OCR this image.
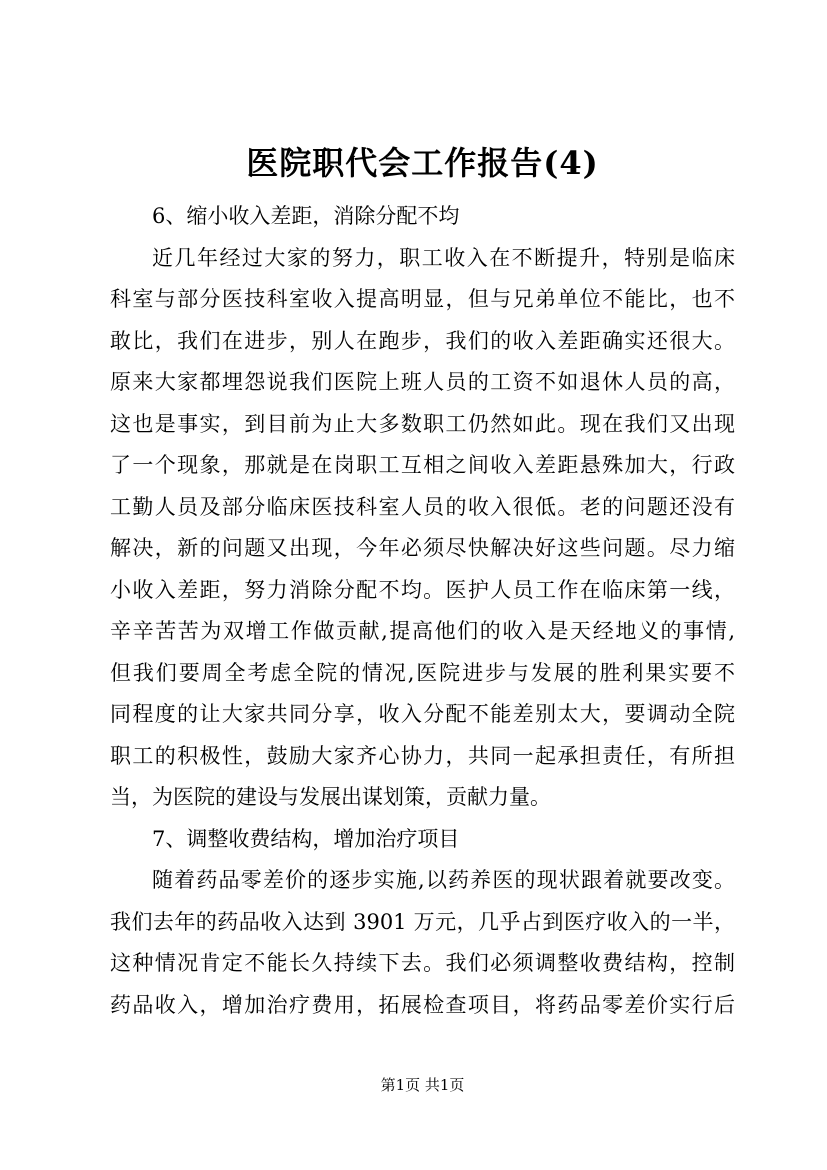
医院职代会工作报告(4)
6、缩小收入差距，消除分配不均
近几年经过大家的努力，职工收入在不断提升，特别是临床
科室与部分医技科室收入提高明显，但与兄弟单位不能比，也不
敢比，我们在进步，别人在跑步，我们的收入差距确实还很大。
原来大家都埋怨说我们医院上班人员的工资不如退休人员的高，
这也是事实，到目前为止大多数职工仍然如此。现在我们又出现
了一个现象，那就是在岗职工互相之间收入差距悬殊加大，行政
工勤人员及部分临床医技科室人员的收入很低。老的问题还没有
解决，新的问题又出现，今年必须尽快解决好这些问题。尽力缩
小收入差距，努力消除分配不均。医护人员工作在临床第一线，
辛辛苦苦为双增工作做贡献,提高他们的收入是天经地义的事情,
但我们要周全考虑全院的情况,医院进步与发展的胜利果实要不
同程度的让大家共同分享，收入分配不能差别太大，要调动全院
职工的积极性，鼓励大家齐心协力，共同一起承担责任，有所担
当，为医院的建设与发展出谋划策，贡献力量。
7、调整收费结构，增加治疗项目
随着药品零差价的逐步实施,以药养医的现状跟着就要改变。
我们去年的药品收入达到 3901 万元，几乎占到医疗收入的一半，
这种情况肯定不能长久持续下去。我们必须调整收费结构，控制
药品收入，增加治疗费用，拓展检查项目，将药品零差价实行后
第1页 共1页
